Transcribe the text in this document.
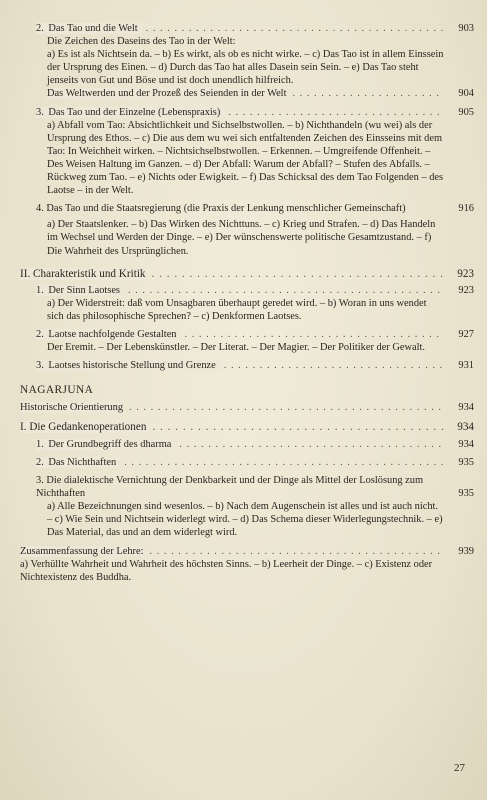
2. Das Tao und die Welt . . .	903
Die Zeichen des Daseins des Tao in der Welt:
a) Es ist als Nichtsein da. – b) Es wirkt, als ob es nicht wirke. – c) Das Tao ist in allem Einssein der Ursprung des Einen. – d) Durch das Tao hat alles Dasein sein Sein. – e) Das Tao steht jenseits von Gut und Böse und ist doch unendlich hilfreich.
Das Weltwerden und der Prozeß des Seienden in der Welt . . .	904
3. Das Tao und der Einzelne (Lebenspraxis) . . .	905
a) Abfall vom Tao: Absichtlichkeit und Sichselbstwollen. – b) Nichthandeln (wu wei) als der Ursprung des Ethos. – c) Die aus dem wu wei sich entfaltenden Zeichen des Einsseins mit dem Tao: In Weichheit wirken. – Nichtsichselbstwollen. – Erkennen. – Umgreifende Offenheit. – Des Weisen Haltung im Ganzen. – d) Der Abfall: Warum der Abfall? – Stufen des Abfalls. – Rückweg zum Tao. – e) Nichts oder Ewigkeit. – f) Das Schicksal des dem Tao Folgenden – des Laotse – in der Welt.
4. Das Tao und die Staatsregierung (die Praxis der Lenkung menschlicher Gemeinschaft)	916
a) Der Staatslenker. – b) Das Wirken des Nichttuns. – c) Krieg und Strafen. – d) Das Handeln im Wechsel und Werden der Dinge. – e) Der wünschenswerte politische Gesamtzustand. – f) Die Wahrheit des Ursprünglichen.
II. Charakteristik und Kritik . . .	923
1. Der Sinn Laotses . . .	923
a) Der Widerstreit: daß vom Unsagbaren überhaupt geredet wird. – b) Woran in uns wendet sich das philosophische Sprechen? – c) Denkformen Laotses.
2. Laotse nachfolgende Gestalten . . .	927
Der Eremit. – Der Lebenskünstler. – Der Literat. – Der Magier. – Der Politiker der Gewalt.
3. Laotses historische Stellung und Grenze . . .	931
NAGARJUNA
Historische Orientierung . . .	934
I. Die Gedankenoperationen . . .	934
1. Der Grundbegriff des dharma . . .	934
2. Das Nichthaften . . .	935
3. Die dialektische Vernichtung der Denkbarkeit und der Dinge als Mittel der Loslösung zum Nichthaften	935
a) Alle Bezeichnungen sind wesenlos. – b) Nach dem Augenschein ist alles und ist auch nicht. – c) Wie Sein und Nichtsein widerlegt wird. – d) Das Schema dieser Widerlegungstechnik. – e) Das Material, das und an dem widerlegt wird.
Zusammenfassung der Lehre: . . .	939
a) Verhüllte Wahrheit und Wahrheit des höchsten Sinns. – b) Leerheit der Dinge. – c) Existenz oder Nichtexistenz des Buddha.
27
